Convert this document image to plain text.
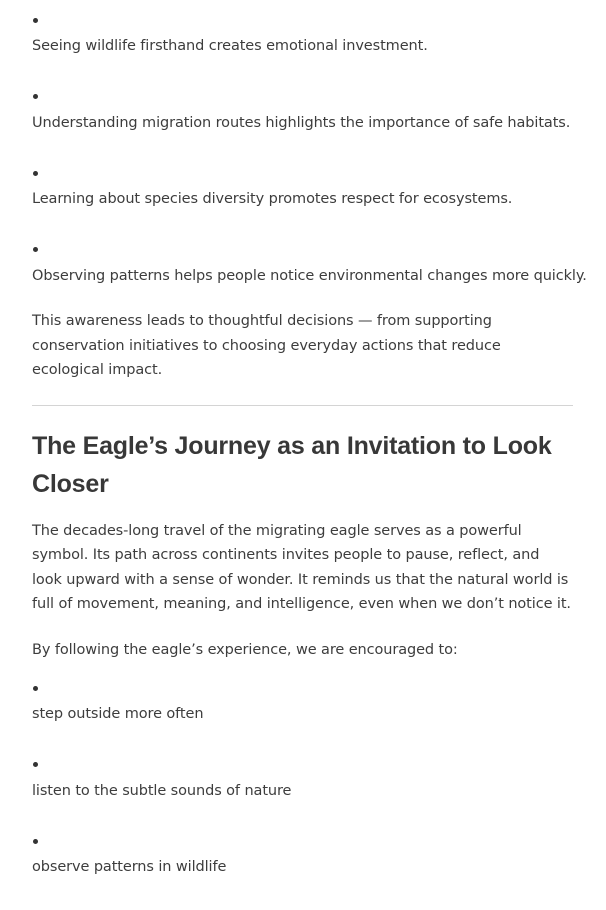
Seeing wildlife firsthand creates emotional investment.
Understanding migration routes highlights the importance of safe habitats.
Learning about species diversity promotes respect for ecosystems.
Observing patterns helps people notice environmental changes more quickly.

This awareness leads to thoughtful decisions — from supporting conservation initiatives to choosing everyday actions that reduce ecological impact.

The Eagle’s Journey as an Invitation to Look Closer

The decades-long travel of the migrating eagle serves as a powerful symbol. Its path across continents invites people to pause, reflect, and look upward with a sense of wonder. It reminds us that the natural world is full of movement, meaning, and intelligence, even when we don’t notice it.

By following the eagle’s experience, we are encouraged to:

step outside more often
listen to the subtle sounds of nature
observe patterns in wildlife
